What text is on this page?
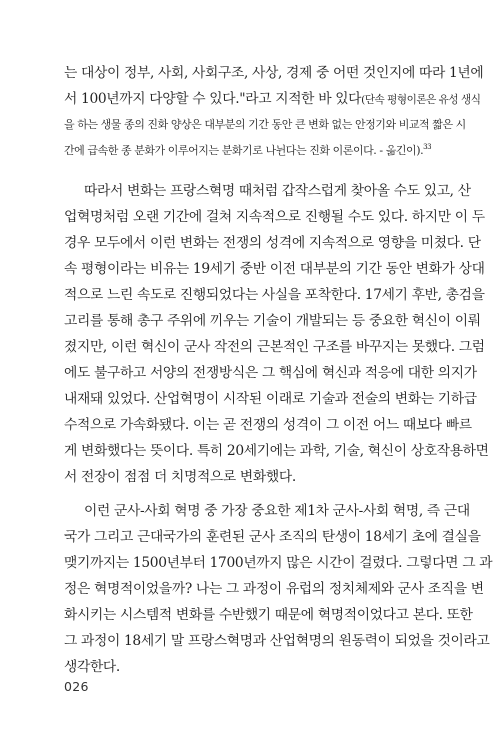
는 대상이 정부, 사회, 사회구조, 사상, 경제 중 어떤 것인지에 따라 1년에
서 100년까지 다양할 수 있다."라고 지적한 바 있다(단속 평형이론은 유성 생식
을 하는 생물 종의 진화 양상은 대부분의 기간 동안 큰 변화 없는 안정기와 비교적 짧은 시
간에 급속한 종 분화가 이루어지는 분화기로 나뉜다는 진화 이론이다. - 옮긴이).$^{33}$
따라서 변화는 프랑스혁명 때처럼 갑작스럽게 찾아올 수도 있고, 산
업혁명처럼 오랜 기간에 걸쳐 지속적으로 진행될 수도 있다. 하지만 이 두
경우 모두에서 이런 변화는 전쟁의 성격에 지속적으로 영향을 미쳤다. 단
속 평형이라는 비유는 19세기 중반 이전 대부분의 기간 동안 변화가 상대
적으로 느린 속도로 진행되었다는 사실을 포착한다. 17세기 후반, 총검을
고리를 통해 총구 주위에 끼우는 기술이 개발되는 등 중요한 혁신이 이뤄
졌지만, 이런 혁신이 군사 작전의 근본적인 구조를 바꾸지는 못했다. 그럼
에도 불구하고 서양의 전쟁방식은 그 핵심에 혁신과 적응에 대한 의지가
내재돼 있었다. 산업혁명이 시작된 이래로 기술과 전술의 변화는 기하급
수적으로 가속화됐다. 이는 곧 전쟁의 성격이 그 이전 어느 때보다 빠르
게 변화했다는 뜻이다. 특히 20세기에는 과학, 기술, 혁신이 상호작용하면
서 전장이 점점 더 치명적으로 변화했다.
이런 군사-사회 혁명 중 가장 중요한 제1차 군사-사회 혁명, 즉 근대
국가 그리고 근대국가의 훈련된 군사 조직의 탄생이 18세기 초에 결실을
맺기까지는 1500년부터 1700년까지 많은 시간이 걸렸다. 그렇다면 그 과
정은 혁명적이었을까? 나는 그 과정이 유럽의 정치체제와 군사 조직을 변
화시키는 시스템적 변화를 수반했기 때문에 혁명적이었다고 본다. 또한
그 과정이 18세기 말 프랑스혁명과 산업혁명의 원동력이 되었을 것이라고
생각한다.
026
